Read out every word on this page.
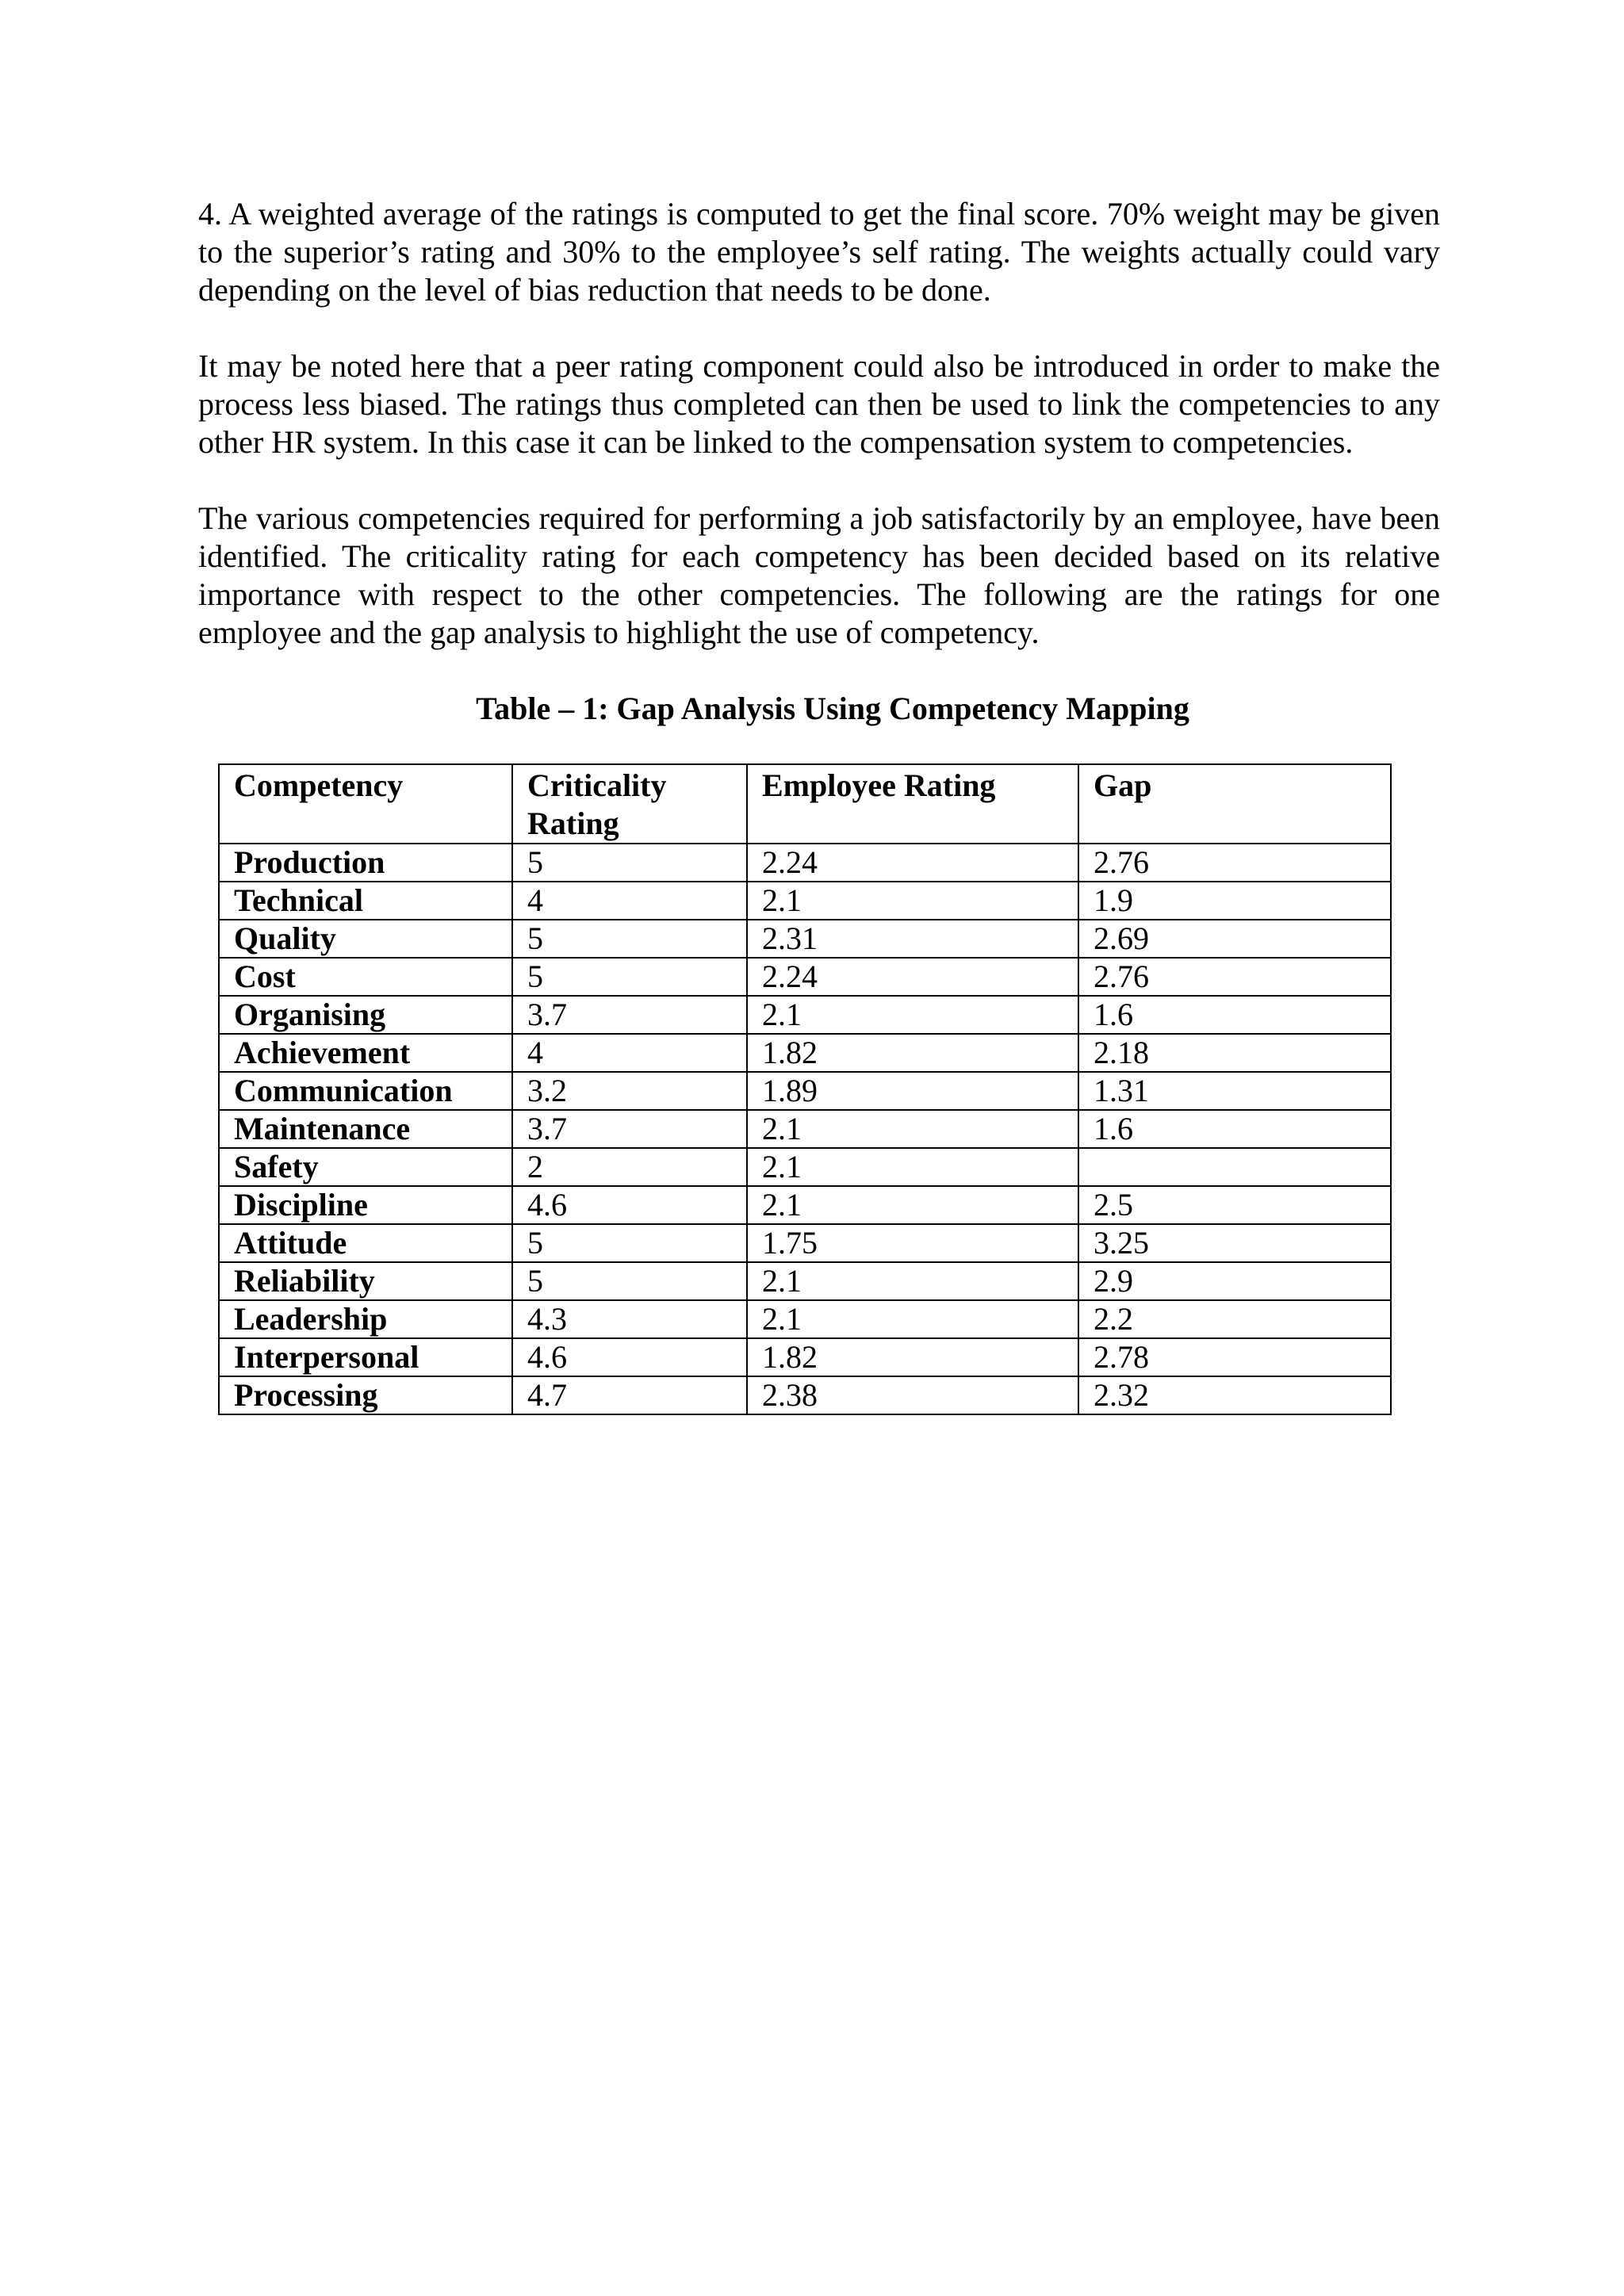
4. A weighted average of the ratings is computed to get the final score. 70% weight may be given to the superior’s rating and 30% to the employee’s self rating. The weights actually could vary depending on the level of bias reduction that needs to be done.

It may be noted here that a peer rating component could also be introduced in order to make the process less biased. The ratings thus completed can then be used to link the competencies to any other HR system. In this case it can be linked to the compensation system to competencies.

The various competencies required for performing a job satisfactorily by an employee, have been identified. The criticality rating for each competency has been decided based on its relative importance with respect to the other competencies. The following are the ratings for one employee and the gap analysis to highlight the use of competency.

Table – 1: Gap Analysis Using Competency Mapping
Competency	Criticality Rating	Employee Rating	Gap
Production	5	2.24	2.76
Technical	4	2.1	1.9
Quality	5	2.31	2.69
Cost	5	2.24	2.76
Organising	3.7	2.1	1.6
Achievement	4	1.82	2.18
Communication	3.2	1.89	1.31
Maintenance	3.7	2.1	1.6
Safety	2	2.1	
Discipline	4.6	2.1	2.5
Attitude	5	1.75	3.25
Reliability	5	2.1	2.9
Leadership	4.3	2.1	2.2
Interpersonal	4.6	1.82	2.78
Processing	4.7	2.38	2.32
